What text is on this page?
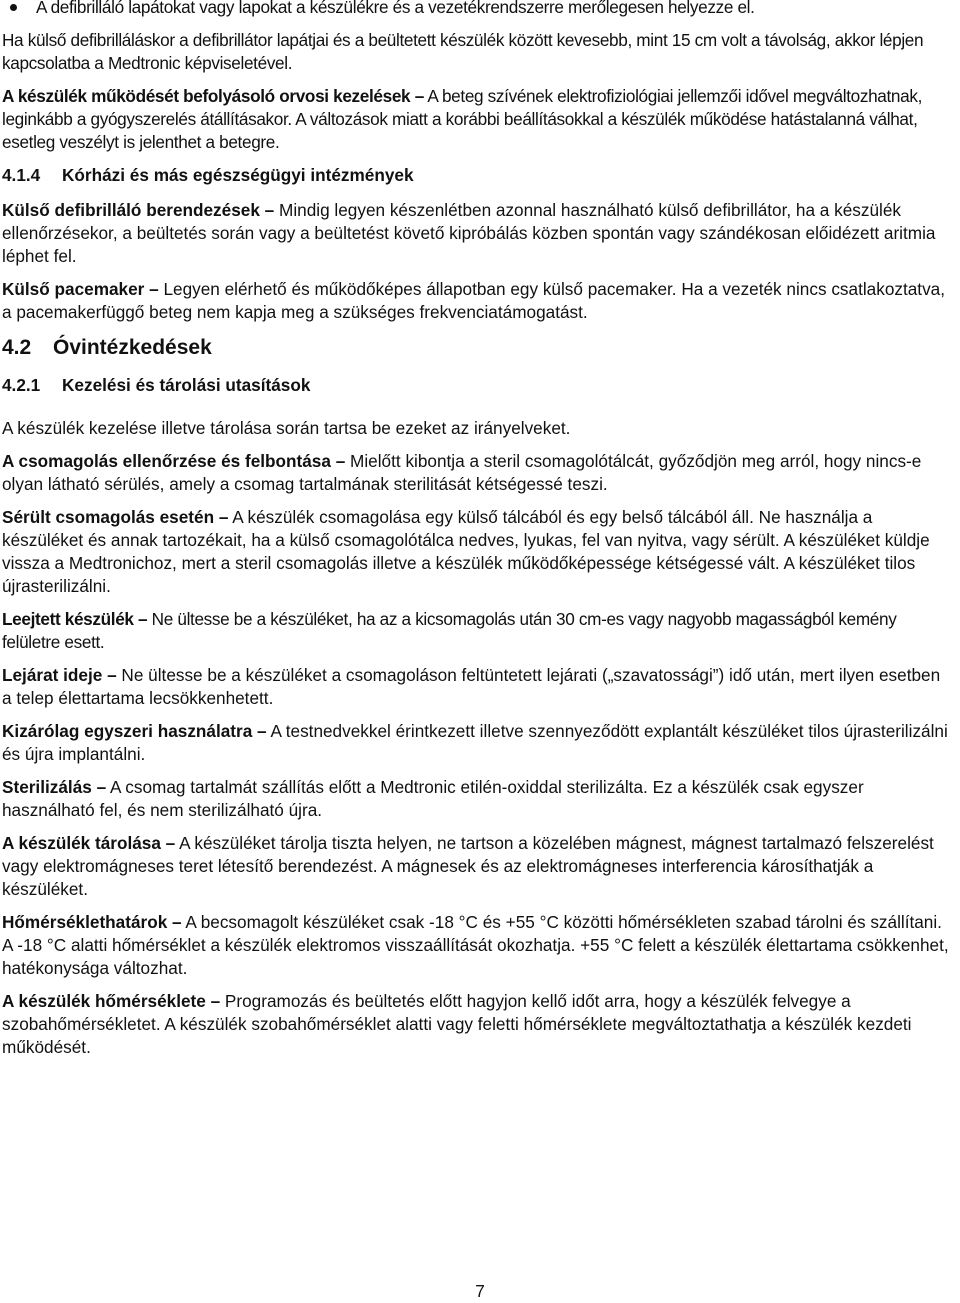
A defibrilláló lapátokat vagy lapokat a készülékre és a vezetékrendszerre merőlegesen helyezze el.

Ha külső defibrilláláskor a defibrillátor lapátjai és a beültetett készülék között kevesebb, mint 15 cm volt a távolság, akkor lépjen kapcsolatba a Medtronic képviseletével.

A készülék működését befolyásoló orvosi kezelések – A beteg szívének elektrofiziológiai jellemzői idővel megváltozhatnak, leginkább a gyógyszerelés átállításakor. A változások miatt a korábbi beállításokkal a készülék működése hatástalanná válhat, esetleg veszélyt is jelenthet a betegre.

4.1.4 Kórházi és más egészségügyi intézmények

Külső defibrilláló berendezések – Mindig legyen készenlétben azonnal használható külső defibrillátor, ha a készülék ellenőrzésekor, a beültetés során vagy a beültetést követő kipróbálás közben spontán vagy szándékosan előidézett aritmia léphet fel.

Külső pacemaker – Legyen elérhető és működőképes állapotban egy külső pacemaker. Ha a vezeték nincs csatlakoztatva, a pacemakerfüggő beteg nem kapja meg a szükséges frekvenciatámogatást.

4.2 Óvintézkedések
4.2.1 Kezelési és tárolási utasítások

A készülék kezelése illetve tárolása során tartsa be ezeket az irányelveket.

A csomagolás ellenőrzése és felbontása – Mielőtt kibontja a steril csomagolótálcát, győződjön meg arról, hogy nincs-e olyan látható sérülés, amely a csomag tartalmának sterilitását kétségessé teszi.

Sérült csomagolás esetén – A készülék csomagolása egy külső tálcából és egy belső tálcából áll. Ne használja a készüléket és annak tartozékait, ha a külső csomagolótálca nedves, lyukas, fel van nyitva, vagy sérült. A készüléket küldje vissza a Medtronichoz, mert a steril csomagolás illetve a készülék működőképessége kétségessé vált. A készüléket tilos újrasterilizálni.

Leejtett készülék – Ne ültesse be a készüléket, ha az a kicsomagolás után 30 cm-es vagy nagyobb magasságból kemény felületre esett.

Lejárat ideje – Ne ültesse be a készüléket a csomagoláson feltüntetett lejárati („szavatossági”) idő után, mert ilyen esetben a telep élettartama lecsökkenhetett.

Kizárólag egyszeri használatra – A testnedvekkel érintkezett illetve szennyeződött explantált készüléket tilos újrasterilizálni és újra implantálni.

Sterilizálás – A csomag tartalmát szállítás előtt a Medtronic etilén-oxiddal sterilizálta. Ez a készülék csak egyszer használható fel, és nem sterilizálható újra.

A készülék tárolása – A készüléket tárolja tiszta helyen, ne tartson a közelében mágnest, mágnest tartalmazó felszerelést vagy elektromágneses teret létesítő berendezést. A mágnesek és az elektromágneses interferencia károsíthatják a készüléket.

Hőmérséklethatárok – A becsomagolt készüléket csak -18 °C és +55 °C közötti hőmérsékleten szabad tárolni és szállítani. A -18 °C alatti hőmérséklet a készülék elektromos visszaállítását okozhatja. +55 °C felett a készülék élettartama csökkenhet, hatékonysága változhat.

A készülék hőmérséklete – Programozás és beültetés előtt hagyjon kellő időt arra, hogy a készülék felvegye a szobahőmérsékletet. A készülék szobahőmérséklet alatti vagy feletti hőmérséklete megváltoztathatja a készülék kezdeti működését.

7
